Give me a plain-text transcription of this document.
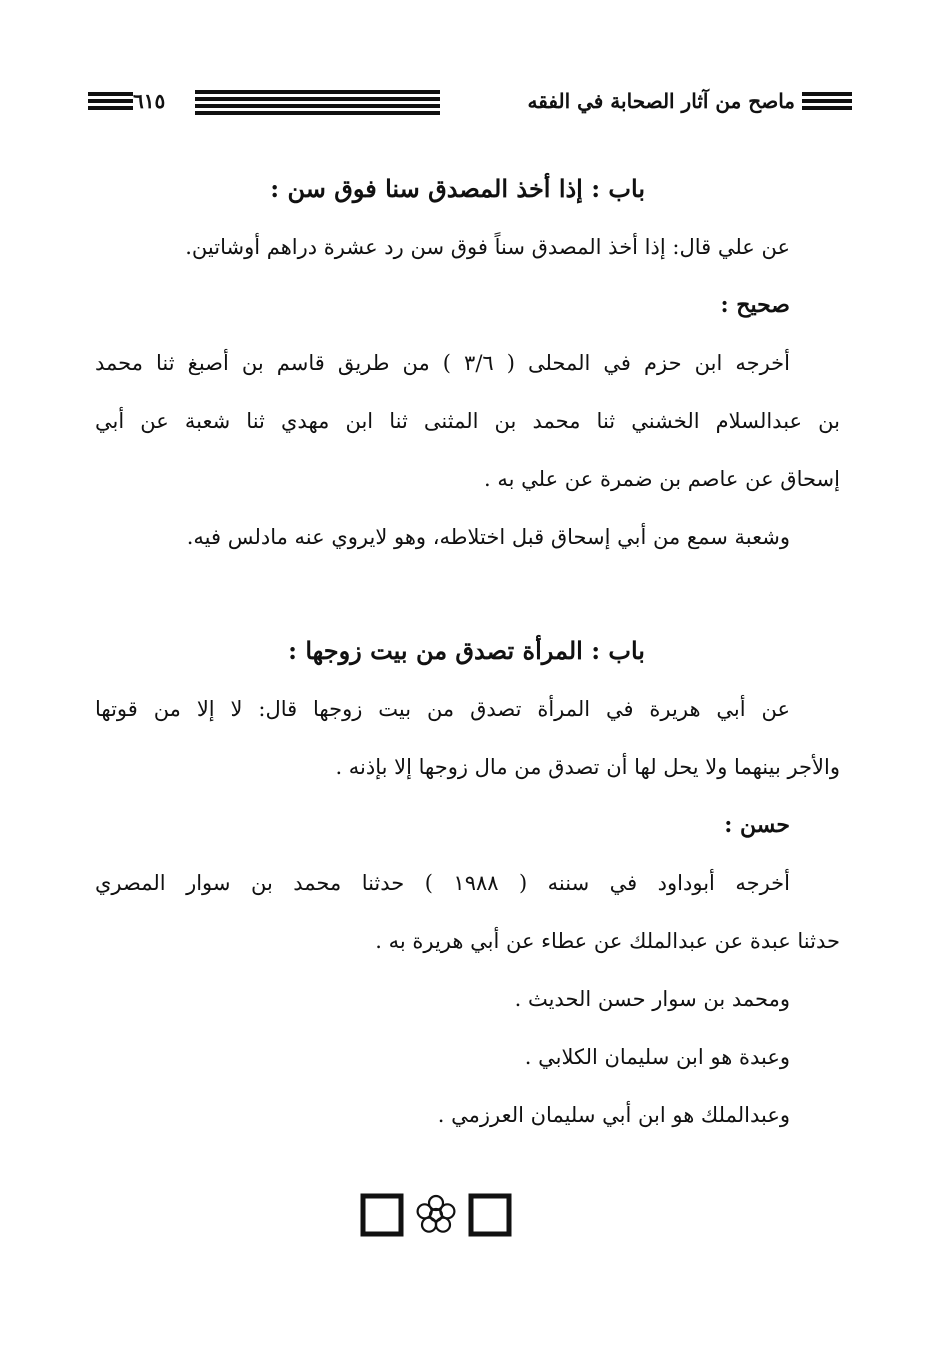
ماصح من آثار الصحابة في الفقه
٦١٥
باب : إذا أخذ المصدق سنا فوق سن :
عن علي قال: إذا أخذ المصدق سناً فوق سن رد عشرة دراهم أوشاتين.
صحيح :
أخرجه ابن حزم في المحلى ( ٣/٦ ) من طريق قاسم بن أصبغ ثنا محمد
بن عبدالسلام الخشني ثنا محمد بن المثنى ثنا ابن مهدي ثنا شعبة عن أبي
إسحاق عن عاصم بن ضمرة عن علي به .
وشعبة سمع من أبي إسحاق قبل اختلاطه، وهو لايروي عنه مادلس فيه.
باب : المرأة تصدق من بيت زوجها :
عن أبي هريرة في المرأة تصدق من بيت زوجها قال: لا إلا من قوتها
والأجر بينهما ولا يحل لها أن تصدق من مال زوجها إلا بإذنه .
حسن :
أخرجه أبوداود في سننه ( ١٩٨٨ ) حدثنا محمد بن سوار المصري
حدثنا عبدة عن عبدالملك عن عطاء عن أبي هريرة به .
ومحمد بن سوار حسن الحديث .
وعبدة هو ابن سليمان الكلابي .
وعبدالملك هو ابن أبي سليمان العرزمي .
